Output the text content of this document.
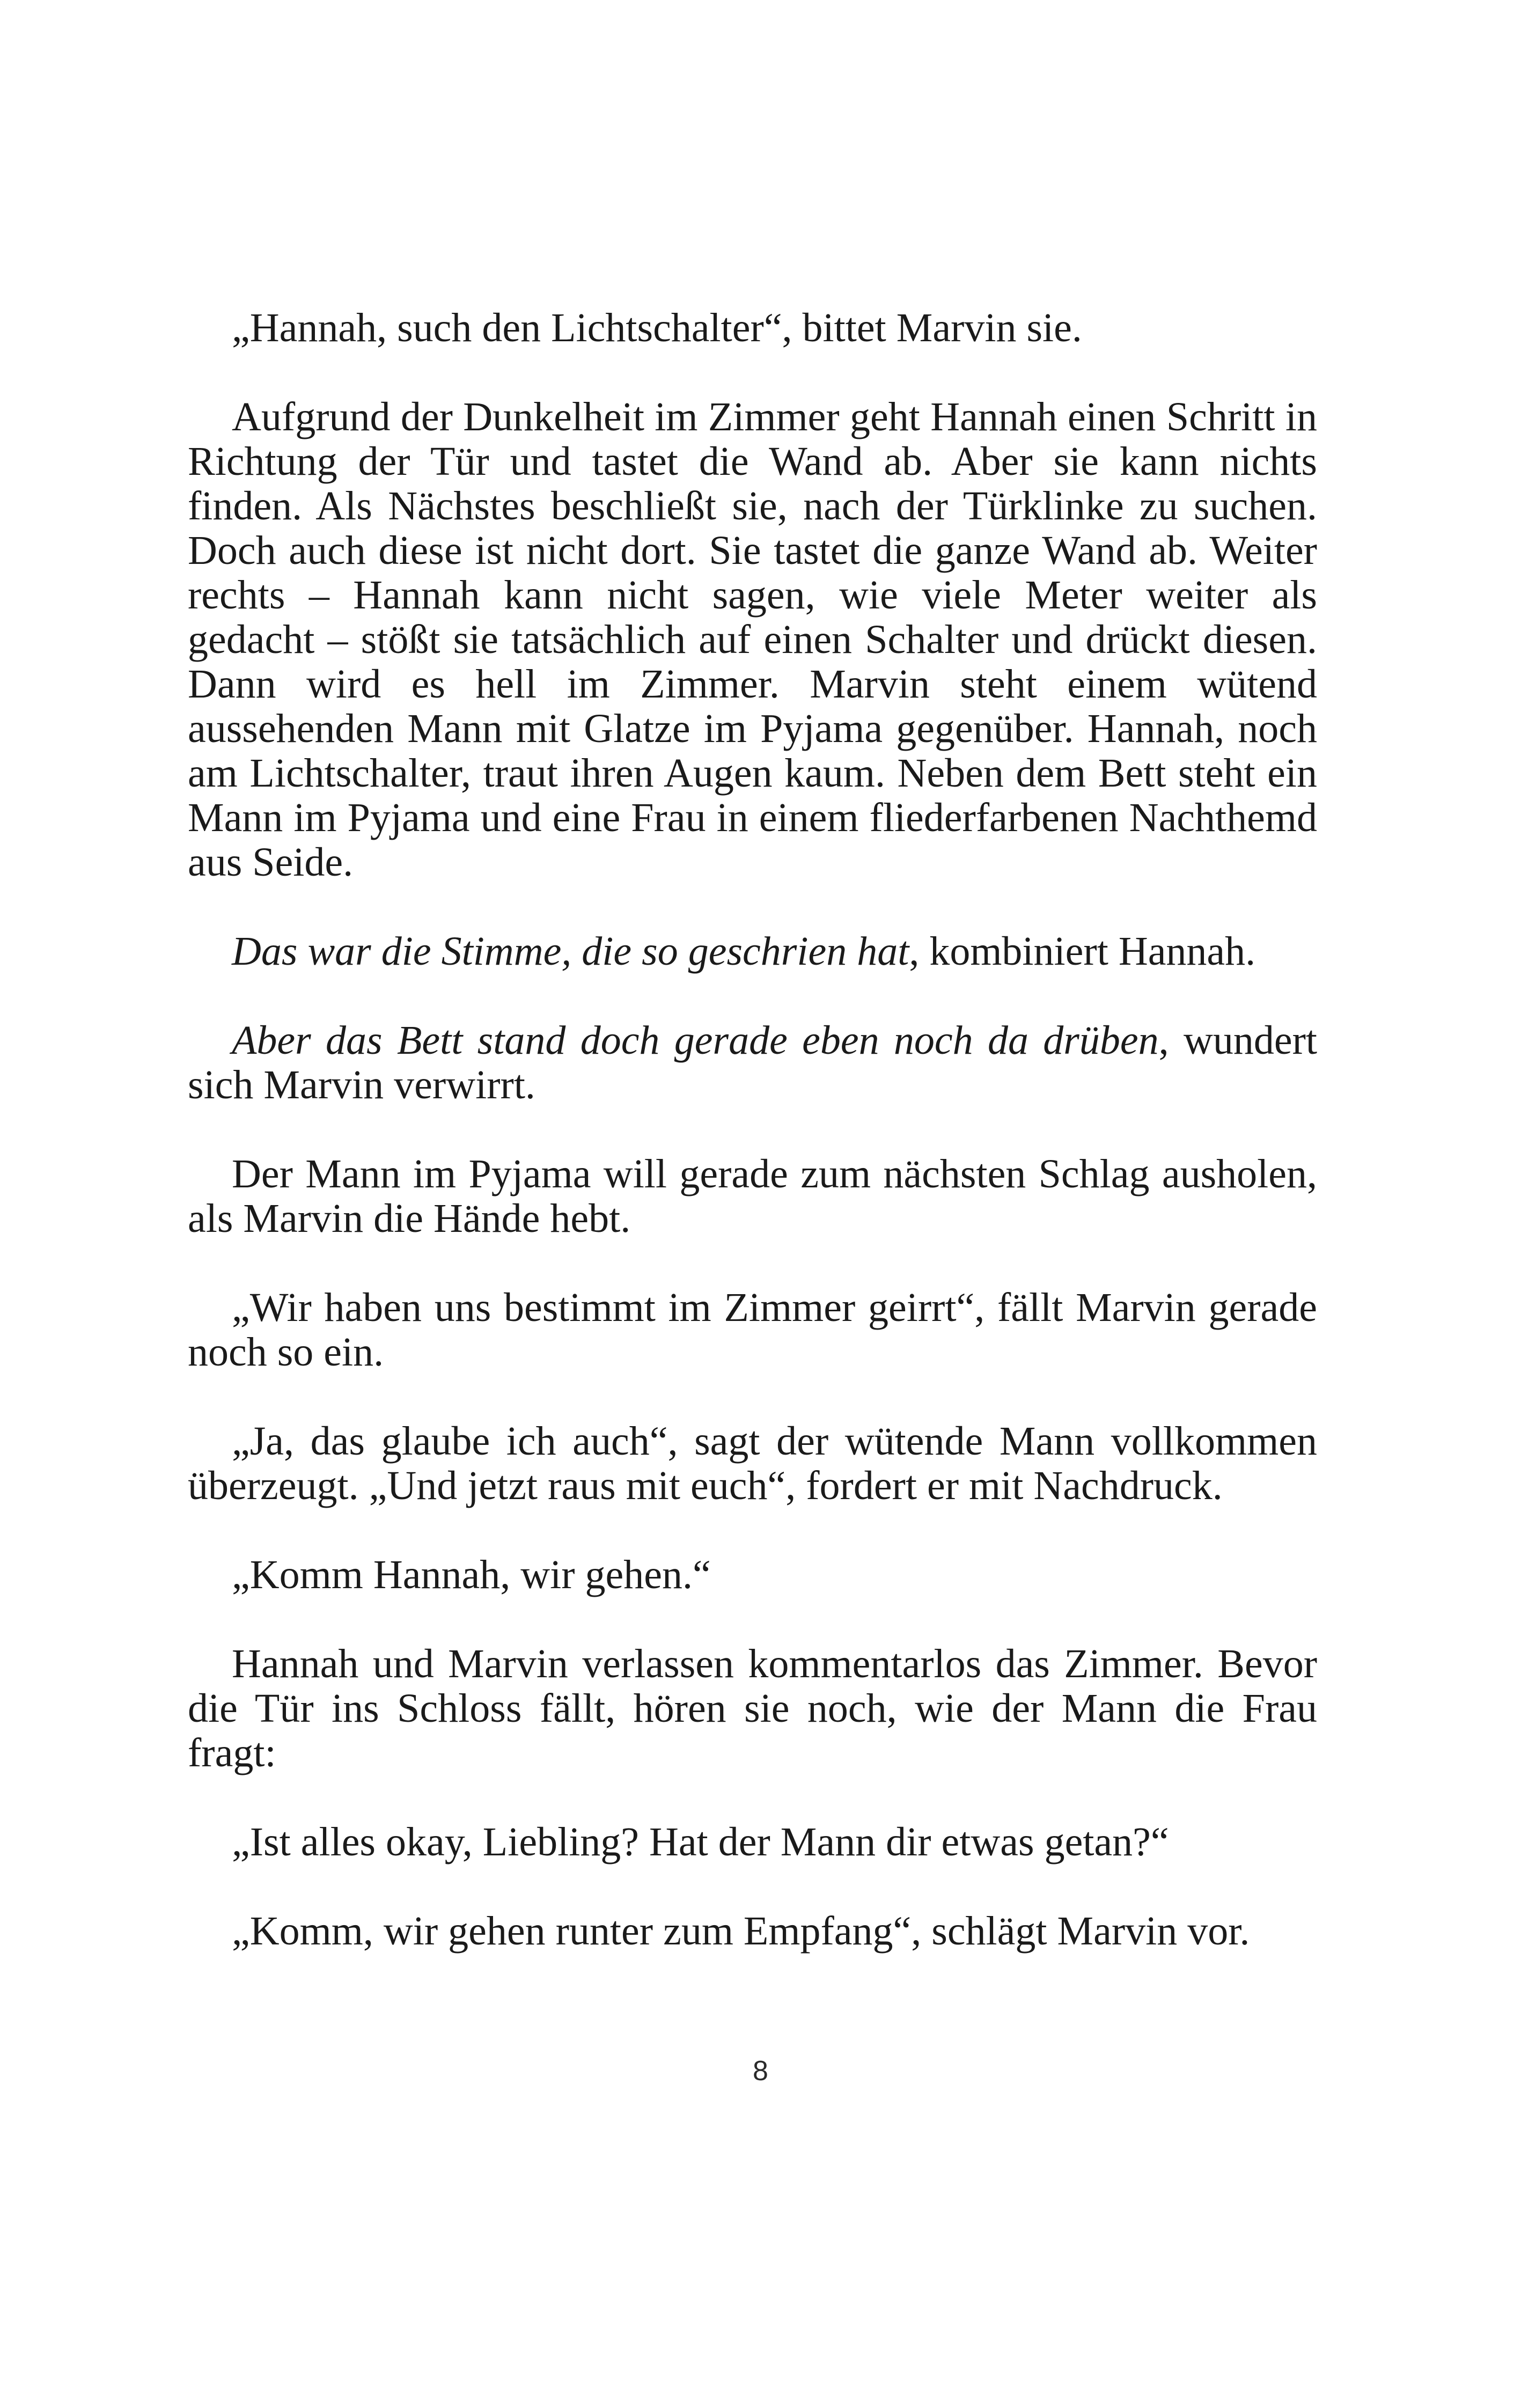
„Hannah, such den Lichtschalter“, bittet Marvin sie.

Aufgrund der Dunkelheit im Zimmer geht Hannah einen Schritt in Richtung der Tür und tastet die Wand ab. Aber sie kann nichts finden. Als Nächstes beschließt sie, nach der Türklinke zu suchen. Doch auch diese ist nicht dort. Sie tastet die ganze Wand ab. Weiter rechts – Hannah kann nicht sagen, wie viele Meter weiter als gedacht – stößt sie tatsächlich auf einen Schalter und drückt diesen. Dann wird es hell im Zimmer. Marvin steht einem wütend aussehenden Mann mit Glatze im Pyjama gegenüber. Hannah, noch am Lichtschalter, traut ihren Augen kaum. Neben dem Bett steht ein Mann im Pyjama und eine Frau in einem fliederfarbenen Nachthemd aus Seide.

Das war die Stimme, die so geschrien hat, kombiniert Hannah.

Aber das Bett stand doch gerade eben noch da drüben, wundert sich Marvin verwirrt.

Der Mann im Pyjama will gerade zum nächsten Schlag ausholen, als Marvin die Hände hebt.

„Wir haben uns bestimmt im Zimmer geirrt“, fällt Marvin gerade noch so ein.

„Ja, das glaube ich auch“, sagt der wütende Mann vollkommen überzeugt. „Und jetzt raus mit euch“, fordert er mit Nachdruck.

„Komm Hannah, wir gehen.“

Hannah und Marvin verlassen kommentarlos das Zimmer. Bevor die Tür ins Schloss fällt, hören sie noch, wie der Mann die Frau fragt:

„Ist alles okay, Liebling? Hat der Mann dir etwas getan?“

„Komm, wir gehen runter zum Empfang“, schlägt Marvin vor.

8
